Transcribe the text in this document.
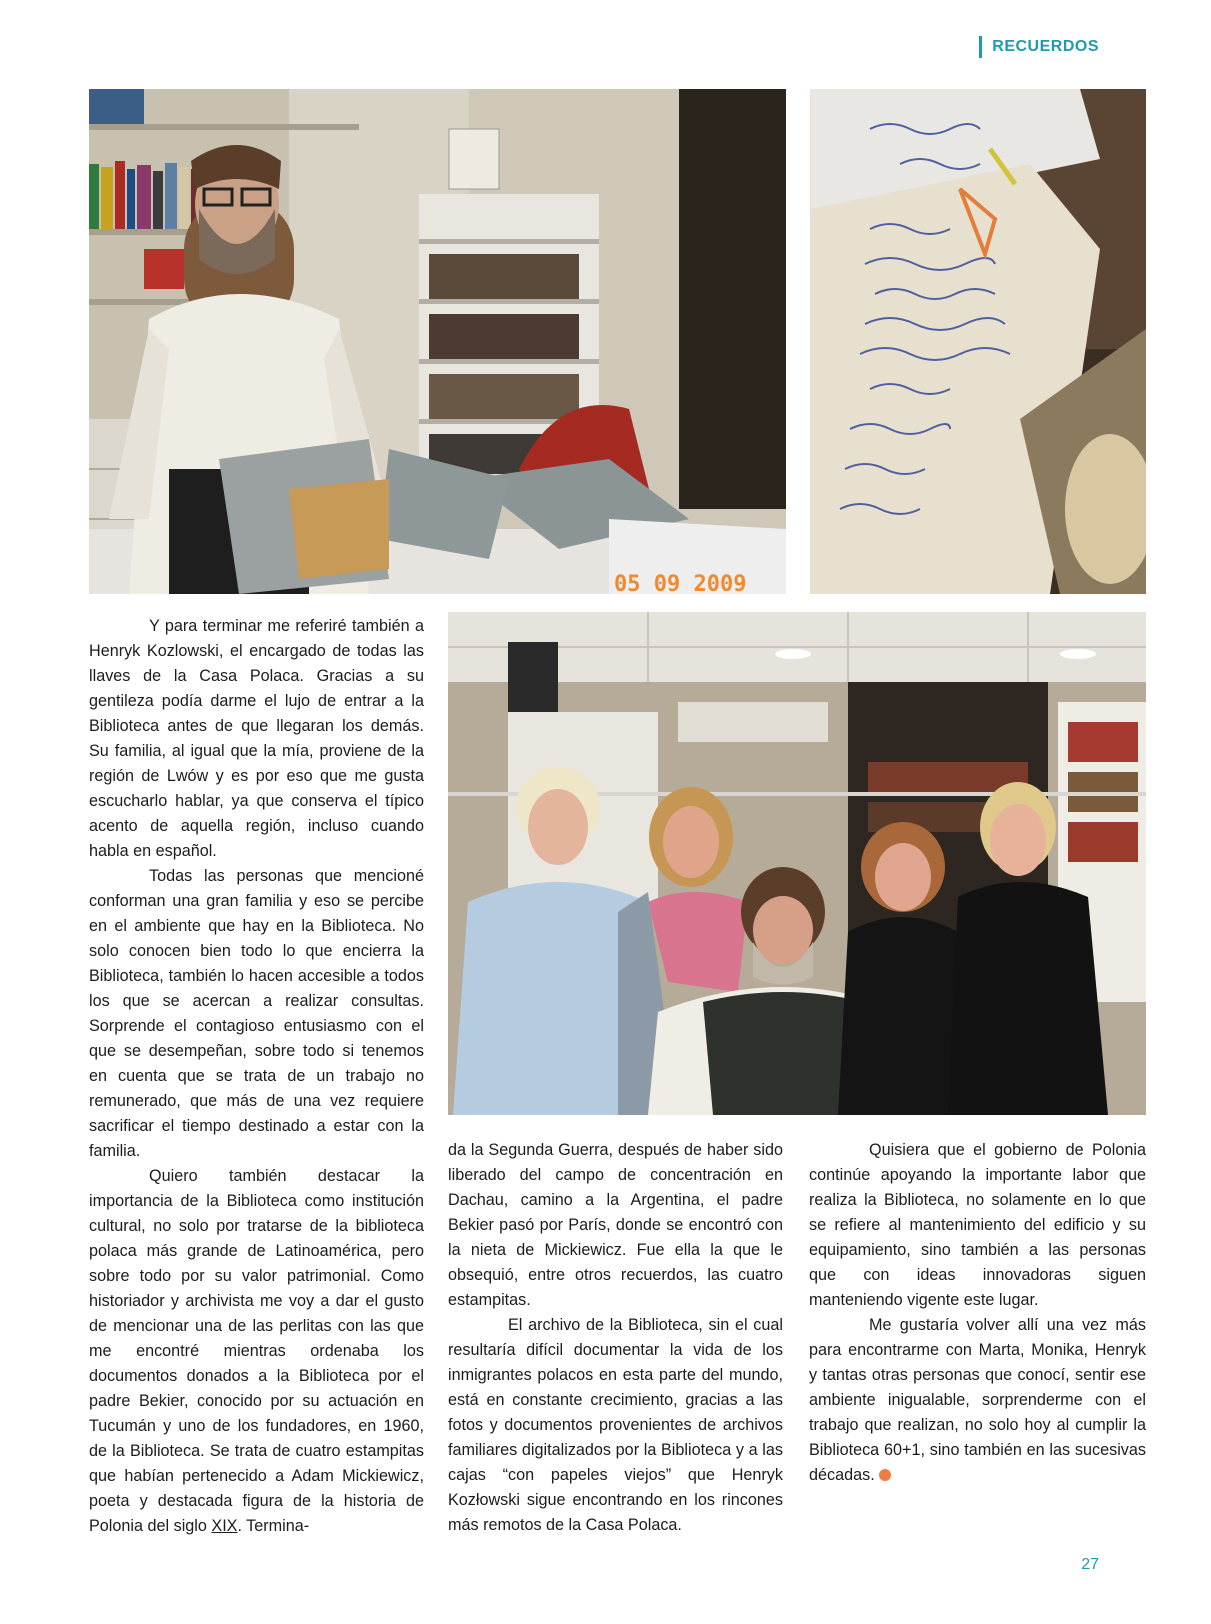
RECUERDOS
05 09 2009

Y para terminar me referiré también a Henryk Kozlowski, el encargado de todas las llaves de la Casa Polaca. Gracias a su gentileza podía darme el lujo de entrar a la Biblioteca antes de que llegaran los demás. Su familia, al igual que la mía, proviene de la región de Lwów y es por eso que me gusta escucharlo hablar, ya que conserva el típico acento de aquella región, incluso cuando habla en español.

Todas las personas que mencioné conforman una gran familia y eso se percibe en el ambiente que hay en la Biblioteca. No solo conocen bien todo lo que encierra la Biblioteca, también lo hacen accesible a todos los que se acercan a realizar consultas. Sorprende el contagioso entusiasmo con el que se desempeñan, sobre todo si tenemos en cuenta que se trata de un trabajo no remunerado, que más de una vez requiere sacrificar el tiempo destinado a estar con la familia.

Quiero también destacar la importancia de la Biblioteca como institución cultural, no solo por tratarse de la biblioteca polaca más grande de Latinoamérica, pero sobre todo por su valor patrimonial. Como historiador y archivista me voy a dar el gusto de mencionar una de las perlitas con las que me encontré mientras ordenaba los documentos donados a la Biblioteca por el padre Bekier, conocido por su actuación en Tucumán y uno de los fundadores, en 1960, de la Biblioteca. Se trata de cuatro estampitas que habían pertenecido a Adam Mickiewicz, poeta y destacada figura de la historia de Polonia del siglo XIX. Termina-

da la Segunda Guerra, después de haber sido liberado del campo de concentración en Dachau, camino a la Argentina, el padre Bekier pasó por París, donde se encontró con la nieta de Mickiewicz. Fue ella la que le obsequió, entre otros recuerdos, las cuatro estampitas.

El archivo de la Biblioteca, sin el cual resultaría difícil documentar la vida de los inmigrantes polacos en esta parte del mundo, está en constante crecimiento, gracias a las fotos y documentos provenientes de archivos familiares digitalizados por la Biblioteca y a las cajas “con papeles viejos” que Henryk Kozłowski sigue encontrando en los rincones más remotos de la Casa Polaca.

Quisiera que el gobierno de Polonia continúe apoyando la importante labor que realiza la Biblioteca, no solamente en lo que se refiere al mantenimiento del edificio y su equipamiento, sino también a las personas que con ideas innovadoras siguen manteniendo vigente este lugar.

Me gustaría volver allí una vez más para encontrarme con Marta, Monika, Henryk y tantas otras personas que conocí, sentir ese ambiente inigualable, sorprenderme con el trabajo que realizan, no solo hoy al cumplir la Biblioteca 60+1, sino también en las sucesivas décadas.

27
